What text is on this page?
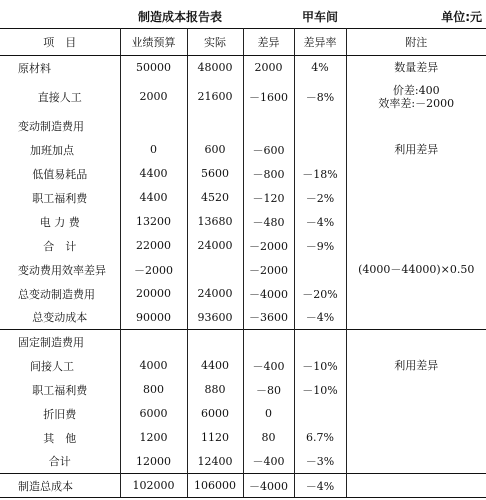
制造成本报告表	甲车间	单位:元
项　目	业绩预算	实际	差异	差异率	附注
原材料	50000	48000	2000	4%	数量差异

直接人工	2000	21600	－1600	－8%	价差:400
效率差:－2000

变动制造费用					
加班加点	0	600	－600		利用差异

低值易耗品	4400	5600	－800	－18%	
职工福利费	4400	4520	－120	－2%	
电 力 费	13200	13680	－480	－4%	
合　计	22000	24000	－2000	－9%	
变动费用效率差异	－2000		－2000		(4000－44000)×0.50

总变动制造费用	20000	24000	－4000	－20%	
总变动成本	90000	93600	－3600	－4%	
固定制造费用					
间接人工	4000	4400	－400	－10%	利用差异

职工福利费	800	880	－80	－10%	
折旧费	6000	6000	0		
其　他	1200	1120	80	6.7%	
合计	12000	12400	－400	－3%	
制造总成本	102000	106000	－4000	－4%	
